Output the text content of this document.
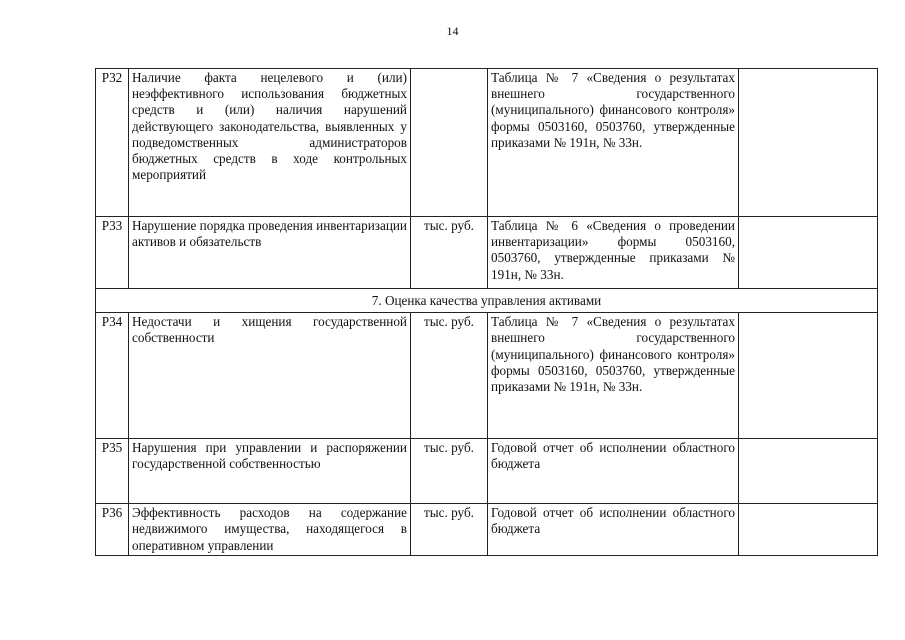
14
Р32	Наличие факта нецелевого и (или) неэффективного использования бюджетных средств и (или) наличия нарушений действующего законодательства, выявленных у подведомственных администраторов бюджетных средств в ходе контрольных мероприятий		Таблица № 7 «Сведения о результатах внешнего государственного (муниципального) финансового контроля» формы 0503160, 0503760, утвержденные приказами № 191н, № 33н.	
Р33	Нарушение порядка проведения инвентаризации активов и обязательств	тыс. руб.	Таблица № 6 «Сведения о проведении инвентаризации» формы 0503160, 0503760, утвержденные приказами № 191н, № 33н.	
7. Оценка качества управления активами				
Р34	Недостачи и хищения государственной собственности	тыс. руб.	Таблица № 7 «Сведения о результатах внешнего государственного (муниципального) финансового контроля» формы 0503160, 0503760, утвержденные приказами № 191н, № 33н.	
Р35	Нарушения при управлении и распоряжении государственной собственностью	тыс. руб.	Годовой отчет об исполнении областного бюджета	
Р36	Эффективность расходов на содержание недвижимого имущества, находящегося в оперативном управлении	тыс. руб.	Годовой отчет об исполнении областного бюджета	
